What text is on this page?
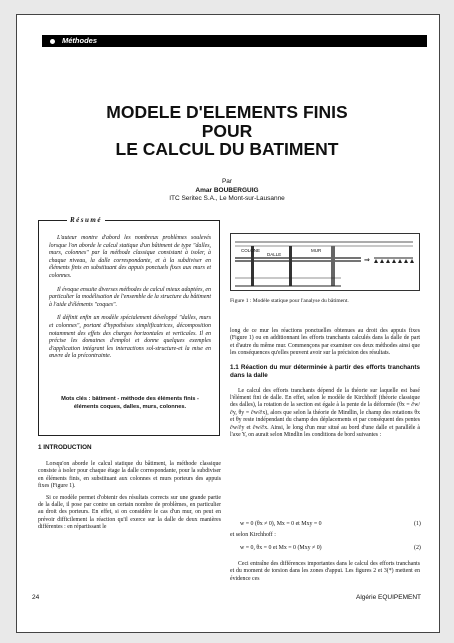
Méthodes
MODELE D'ELEMENTS FINIS
POUR
LE CALCUL DU BATIMENT
Par
Amar BOUBERGUIG
ITC Seritec S.A., Le Mont-sur-Lausanne
Résumé

L'auteur montre d'abord les nombreux problèmes soulevés lorsque l'on aborde le calcul statique d'un bâtiment de type "dalles, murs, colonnes" par la méthode classique consistant à isoler, à chaque niveau, la dalle correspondante, et à la subdiviser en éléments finis en substituant des appuis ponctuels fixes aux murs et colonnes.

Il évoque ensuite diverses méthodes de calcul mieux adaptées, en particulier la modélisation de l'ensemble de la structure du bâtiment à l'aide d'éléments "coques".

Il définit enfin un modèle spécialement développé "dalles, murs et colonnes", portant d'hypothèses simplificatrices, décomposition notamment des effets des charges horizontales et verticales. Il en précise les domaines d'emploi et donne quelques exemples d'application intégrant les interactions sol-structure-et la mise en œuvre de la précontrainte.

Mots clés : bâtiment - méthode des éléments finis - éléments coques, dalles, murs, colonnes.
⇒
COLONE
DALLE
MUR
Figure 1 : Modèle statique pour l'analyse du bâtiment.
1 INTRODUCTION

Lorsqu'on aborde le calcul statique du bâtiment, la méthode classique consiste à isoler pour chaque étage la dalle correspondante, pour la subdiviser en éléments finis, en substituant aux colonnes et murs porteurs des appuis fixes (Figure 1).

Si ce modèle permet d'obtenir des résultats corrects sur une grande partie de la dalle, il pose par contre un certain nombre de problèmes, en particulier au droit des porteurs. En effet, si on considère le cas d'un mur, on peut en prévoir difficilement la réaction qu'il exerce sur la dalle de deux manières différentes : en répartissant le

long de ce mur les réactions ponctuelles obtenues au droit des appuis fixes (Figure 1) ou en additionnant les efforts tranchants calculés dans la dalle de part et d'autre du même mur. Commençons par examiner ces deux méthodes ainsi que les conséquences qu'elles peuvent avoir sur la précision des résultats.

1.1 Réaction du mur déterminée à partir des efforts tranchants dans la dalle

Le calcul des efforts tranchants dépend de la théorie sur laquelle est basé l'élément fini de dalle. En effet, selon le modèle de Kirchhoff (théorie classique des dalles), la rotation de la section est égale à la pente de la déformée (θx = ∂w/∂y, θy = ∂w/∂x), alors que selon la théorie de Mindlin, le champ des rotations θx et θy reste indépendant du champ des déplacements et par conséquent des pentes ∂w/∂y et ∂w/∂x. Ainsi, le long d'un mur situé au bord d'une dalle et parallèle à l'axe Y, on aurait selon Mindlin les conditions de bord suivantes :

w = 0 (θx ≠ 0), Mx = 0 et Mxy = 0	(1)
et selon Kirchhoff :
w = 0, θx = 0 et Mx = 0 (Mxy ≠ 0)	(2)

Ceci entraîne des différences importantes dans le calcul des efforts tranchants et du moment de torsion dans les zones d'appui. Les figures 2 et 3(*) mettent en évidence ces

24	Algérie EQUIPEMENT
